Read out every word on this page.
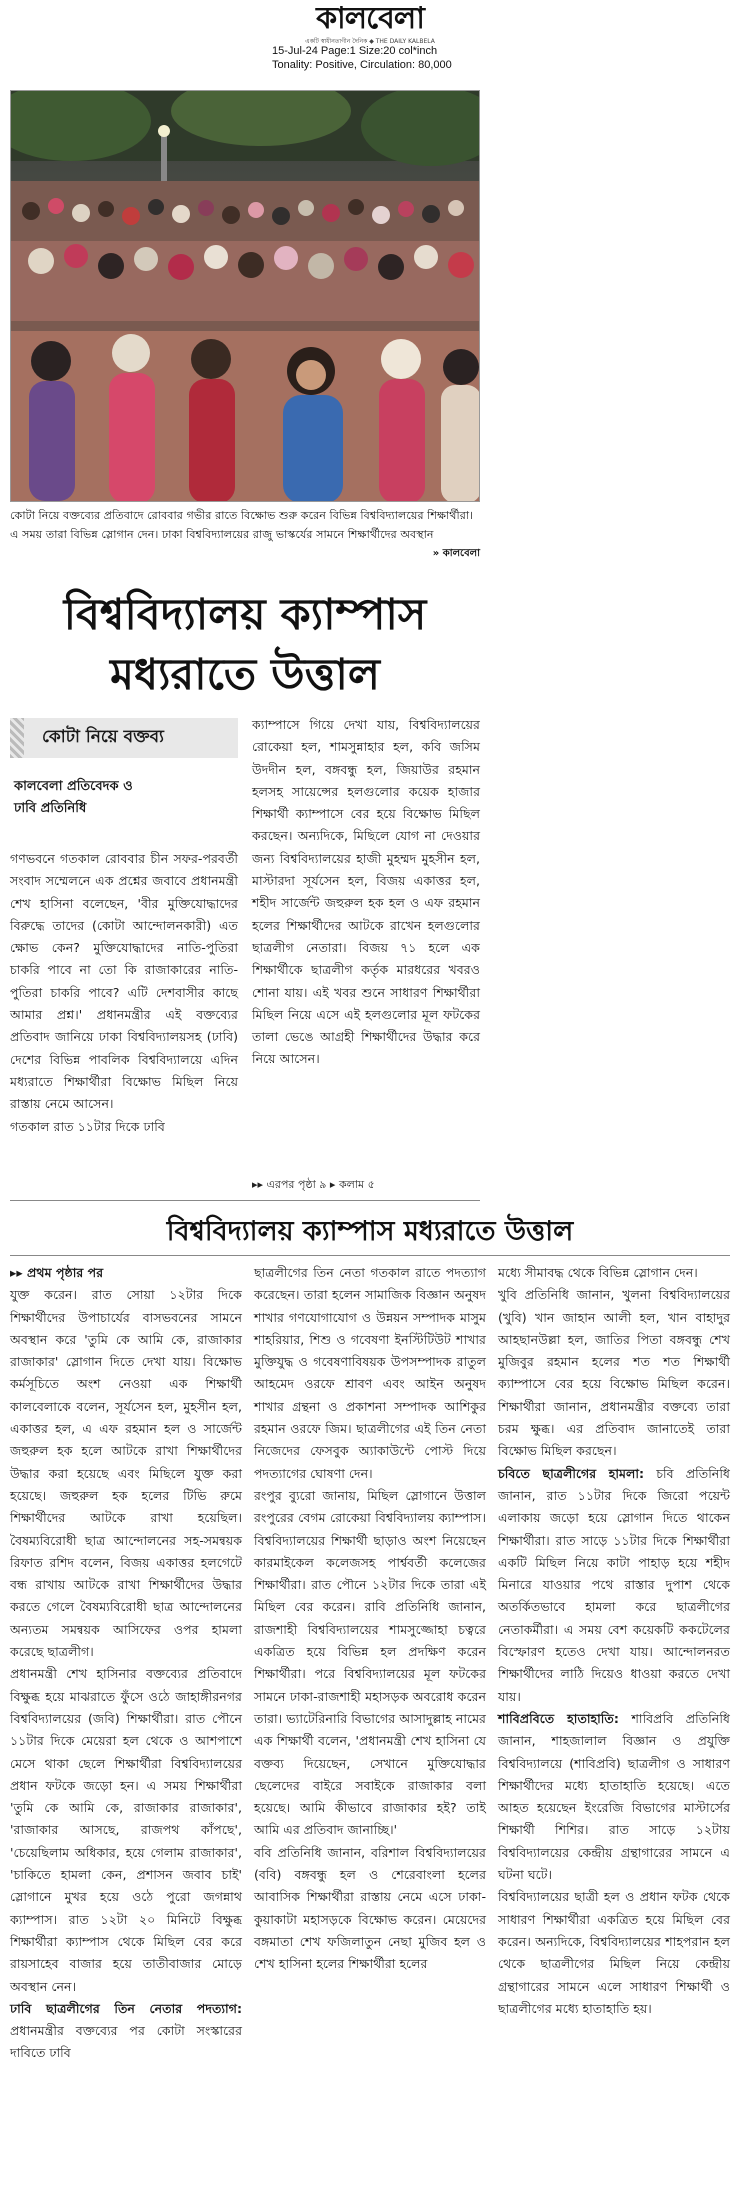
কালবেলা
একটি স্বাধীনতাগীন দৈনিক ◆ THE DAILY KALBELA
15-Jul-24 Page:1 Size:20 col*inch
Tonality: Positive, Circulation: 80,000
কোটা নিয়ে বক্তব্যের প্রতিবাদে রোববার গভীর রাতে বিক্ষোভ শুরু করেন বিভিন্ন বিশ্ববিদ্যালয়ের শিক্ষার্থীরা। এ সময় তারা বিভিন্ন স্লোগান দেন। ঢাকা বিশ্ববিদ্যালয়ের রাজু ভাস্কর্যের সামনে শিক্ষার্থীদের অবস্থান
» কালবেলা
বিশ্ববিদ্যালয় ক্যাম্পাস
মধ্যরাতে উত্তাল
কোটা নিয়ে বক্তব্য
কালবেলা প্রতিবেদক ও
ঢাবি প্রতিনিধি

গণভবনে গতকাল রোববার চীন সফর-পরবর্তী সংবাদ সম্মেলনে এক প্রশ্নের জবাবে প্রধানমন্ত্রী শেখ হাসিনা বলেছেন, 'বীর মুক্তিযোদ্ধাদের বিরুদ্ধে তাদের (কোটা আন্দোলনকারী) এত ক্ষোভ কেন? মুক্তিযোদ্ধাদের নাতি-পুতিরা চাকরি পাবে না তো কি রাজাকারের নাতি-পুতিরা চাকরি পাবে? এটি দেশবাসীর কাছে আমার প্রশ্ন।' প্রধানমন্ত্রীর এই বক্তব্যের প্রতিবাদ জানিয়ে ঢাকা বিশ্ববিদ্যালয়সহ (ঢাবি) দেশের বিভিন্ন পাবলিক বিশ্ববিদ্যালয়ে এদিন মধ্যরাতে শিক্ষার্থীরা বিক্ষোভ মিছিল নিয়ে রাস্তায় নেমে আসেন।

গতকাল রাত ১১টার দিকে ঢাবি

ক্যাম্পাসে গিয়ে দেখা যায়, বিশ্ববিদ্যালয়ের রোকেয়া হল, শামসুন্নাহার হল, কবি জসিম উদদীন হল, বঙ্গবন্ধু হল, জিয়াউর রহমান হলসহ সায়েন্সের হলগুলোর কয়েক হাজার শিক্ষার্থী ক্যাম্পাসে বের হয়ে বিক্ষোভ মিছিল করছেন। অন্যদিকে, মিছিলে যোগ না দেওয়ার জন্য বিশ্ববিদ্যালয়ের হাজী মুহম্মদ মুহসীন হল, মাস্টারদা সূর্যসেন হল, বিজয় একাত্তর হল, শহীদ সার্জেন্ট জহুরুল হক হল ও এফ রহমান হলের শিক্ষার্থীদের আটকে রাখেন হলগুলোর ছাত্রলীগ নেতারা। বিজয় ৭১ হলে এক শিক্ষার্থীকে ছাত্রলীগ কর্তৃক মারধরের খবরও শোনা যায়। এই খবর শুনে সাধারণ শিক্ষার্থীরা মিছিল নিয়ে এসে এই হলগুলোর মূল ফটকের তালা ভেঙে আগ্রহী শিক্ষার্থীদের উদ্ধার করে নিয়ে আসেন।

▸▸ এরপর পৃষ্ঠা ৯ ▸ কলাম ৫
বিশ্ববিদ্যালয় ক্যাম্পাস মধ্যরাতে উত্তাল

▸▸ প্রথম পৃষ্ঠার পর

যুক্ত করেন। রাত সোয়া ১২টার দিকে শিক্ষার্থীদের উপাচার্যের বাসভবনের সামনে অবস্থান করে 'তুমি কে আমি কে, রাজাকার রাজাকার' স্লোগান দিতে দেখা যায়। বিক্ষোভ কর্মসূচিতে অংশ নেওয়া এক শিক্ষার্থী কালবেলাকে বলেন, সূর্যসেন হল, মুহসীন হল, একাত্তর হল, এ এফ রহমান হল ও সার্জেন্ট জহুরুল হক হলে আটকে রাখা শিক্ষার্থীদের উদ্ধার করা হয়েছে এবং মিছিলে যুক্ত করা হয়েছে। জহুরুল হক হলের টিভি রুমে শিক্ষার্থীদের আটকে রাখা হয়েছিল। বৈষম্যবিরোধী ছাত্র আন্দোলনের সহ-সমন্বয়ক রিফাত রশিদ বলেন, বিজয় একাত্তর হলগেটে বন্ধ রাখায় আটকে রাখা শিক্ষার্থীদের উদ্ধার করতে গেলে বৈষম্যবিরোধী ছাত্র আন্দোলনের অন্যতম সমন্বয়ক আসিফের ওপর হামলা করেছে ছাত্রলীগ।

প্রধানমন্ত্রী শেখ হাসিনার বক্তব্যের প্রতিবাদে বিক্ষুব্ধ হয়ে মাঝরাতে ফুঁসে ওঠে জাহাঙ্গীরনগর বিশ্ববিদ্যালয়ের (জবি) শিক্ষার্থীরা। রাত পৌনে ১১টার দিকে মেয়েরা হল থেকে ও আশপাশে মেসে থাকা ছেলে শিক্ষার্থীরা বিশ্ববিদ্যালয়ের প্রধান ফটকে জড়ো হন। এ সময় শিক্ষার্থীরা 'তুমি কে আমি কে, রাজাকার রাজাকার', 'রাজাকার আসছে, রাজপথ কাঁপছে', 'চেয়েছিলাম অধিকার, হয়ে গেলাম রাজাকার', 'চাকিতে হামলা কেন, প্রশাসন জবাব চাই' স্লোগানে মুখর হয়ে ওঠে পুরো জগন্নাথ ক্যাম্পাস। রাত ১২টা ২০ মিনিটে বিক্ষুব্ধ শিক্ষার্থীরা ক্যাম্পাস থেকে মিছিল বের করে রায়সাহেব বাজার হয়ে তাতীবাজার মোড়ে অবস্থান নেন।

ঢাবি ছাত্রলীগের তিন নেতার পদত্যাগ: প্রধানমন্ত্রীর বক্তব্যের পর কোটা সংস্কারের দাবিতে ঢাবি

ছাত্রলীগের তিন নেতা গতকাল রাতে পদত্যাগ করেছেন। তারা হলেন সামাজিক বিজ্ঞান অনুষদ শাখার গণযোগাযোগ ও উন্নয়ন সম্পাদক মাসুম শাহরিয়ার, শিশু ও গবেষণা ইনস্টিটিউট শাখার মুক্তিযুদ্ধ ও গবেষণাবিষয়ক উপসম্পাদক রাতুল আহমেদ ওরফে শ্রাবণ এবং আইন অনুষদ শাখার গ্রন্থনা ও প্রকাশনা সম্পাদক আশিকুর রহমান ওরফে জিম। ছাত্রলীগের এই তিন নেতা নিজেদের ফেসবুক অ্যাকাউন্টে পোস্ট দিয়ে পদত্যাগের ঘোষণা দেন।

রংপুর ব্যুরো জানায়, মিছিল স্লোগানে উত্তাল রংপুরের বেগম রোকেয়া বিশ্ববিদ্যালয় ক্যাম্পাস। বিশ্ববিদ্যালয়ের শিক্ষার্থী ছাড়াও অংশ নিয়েছেন কারমাইকেল কলেজসহ পার্শ্ববর্তী কলেজের শিক্ষার্থীরা। রাত পৌনে ১২টার দিকে তারা এই মিছিল বের করেন। রাবি প্রতিনিধি জানান, রাজশাহী বিশ্ববিদ্যালয়ের শামসুজ্জোহা চত্বরে একত্রিত হয়ে বিভিন্ন হল প্রদক্ষিণ করেন শিক্ষার্থীরা। পরে বিশ্ববিদ্যালয়ের মূল ফটকের সামনে ঢাকা-রাজশাহী মহাসড়ক অবরোধ করেন তারা। ভ্যাটেরিনারি বিভাগের আসাদুল্লাহ নামের এক শিক্ষার্থী বলেন, 'প্রধানমন্ত্রী শেখ হাসিনা যে বক্তব্য দিয়েছেন, সেখানে মুক্তিযোদ্ধার ছেলেদের বাইরে সবাইকে রাজাকার বলা হয়েছে। আমি কীভাবে রাজাকার হই? তাই আমি এর প্রতিবাদ জানাচ্ছি।'

ববি প্রতিনিধি জানান, বরিশাল বিশ্ববিদ্যালয়ের (ববি) বঙ্গবন্ধু হল ও শেরেবাংলা হলের আবাসিক শিক্ষার্থীরা রাস্তায় নেমে এসে ঢাকা-কুয়াকাটা মহাসড়কে বিক্ষোভ করেন। মেয়েদের বঙ্গমাতা শেখ ফজিলাতুন নেছা মুজিব হল ও শেখ হাসিনা হলের শিক্ষার্থীরা হলের

মধ্যে সীমাবদ্ধ থেকে বিভিন্ন স্লোগান দেন।

খুবি প্রতিনিধি জানান, খুলনা বিশ্ববিদ্যালয়ের (খুবি) খান জাহান আলী হল, খান বাহাদুর আহছানউল্লা হল, জাতির পিতা বঙ্গবন্ধু শেখ মুজিবুর রহমান হলের শত শত শিক্ষার্থী ক্যাম্পাসে বের হয়ে বিক্ষোভ মিছিল করেন। শিক্ষার্থীরা জানান, প্রধানমন্ত্রীর বক্তব্যে তারা চরম ক্ষুব্ধ। এর প্রতিবাদ জানাতেই তারা বিক্ষোভ মিছিল করছেন।

চবিতে ছাত্রলীগের হামলা: চবি প্রতিনিধি জানান, রাত ১১টার দিকে জিরো পয়েন্ট এলাকায় জড়ো হয়ে স্লোগান দিতে থাকেন শিক্ষার্থীরা। রাত সাড়ে ১১টার দিকে শিক্ষার্থীরা একটি মিছিল নিয়ে কাটা পাহাড় হয়ে শহীদ মিনারে যাওয়ার পথে রাস্তার দুপাশ থেকে অতর্কিতভাবে হামলা করে ছাত্রলীগের নেতাকর্মীরা। এ সময় বেশ কয়েকটি ককটেলের বিস্ফোরণ হতেও দেখা যায়। আন্দোলনরত শিক্ষার্থীদের লাঠি দিয়েও ধাওয়া করতে দেখা যায়।

শাবিপ্রবিতে হাতাহাতি: শাবিপ্রবি প্রতিনিধি জানান, শাহজালাল বিজ্ঞান ও প্রযুক্তি বিশ্ববিদ্যালয়ে (শাবিপ্রবি) ছাত্রলীগ ও সাধারণ শিক্ষার্থীদের মধ্যে হাতাহাতি হয়েছে। এতে আহত হয়েছেন ইংরেজি বিভাগের মাস্টার্সের শিক্ষার্থী শিশির। রাত সাড়ে ১২টায় বিশ্ববিদ্যালয়ের কেন্দ্রীয় গ্রন্থাগারের সামনে এ ঘটনা ঘটে।

বিশ্ববিদ্যালয়ের ছাত্রী হল ও প্রধান ফটক থেকে সাধারণ শিক্ষার্থীরা একত্রিত হয়ে মিছিল বের করেন। অন্যদিকে, বিশ্ববিদ্যালয়ের শাহপরান হল থেকে ছাত্রলীগের মিছিল নিয়ে কেন্দ্রীয় গ্রন্থাগারের সামনে এলে সাধারণ শিক্ষার্থী ও ছাত্রলীগের মধ্যে হাতাহাতি হয়।
